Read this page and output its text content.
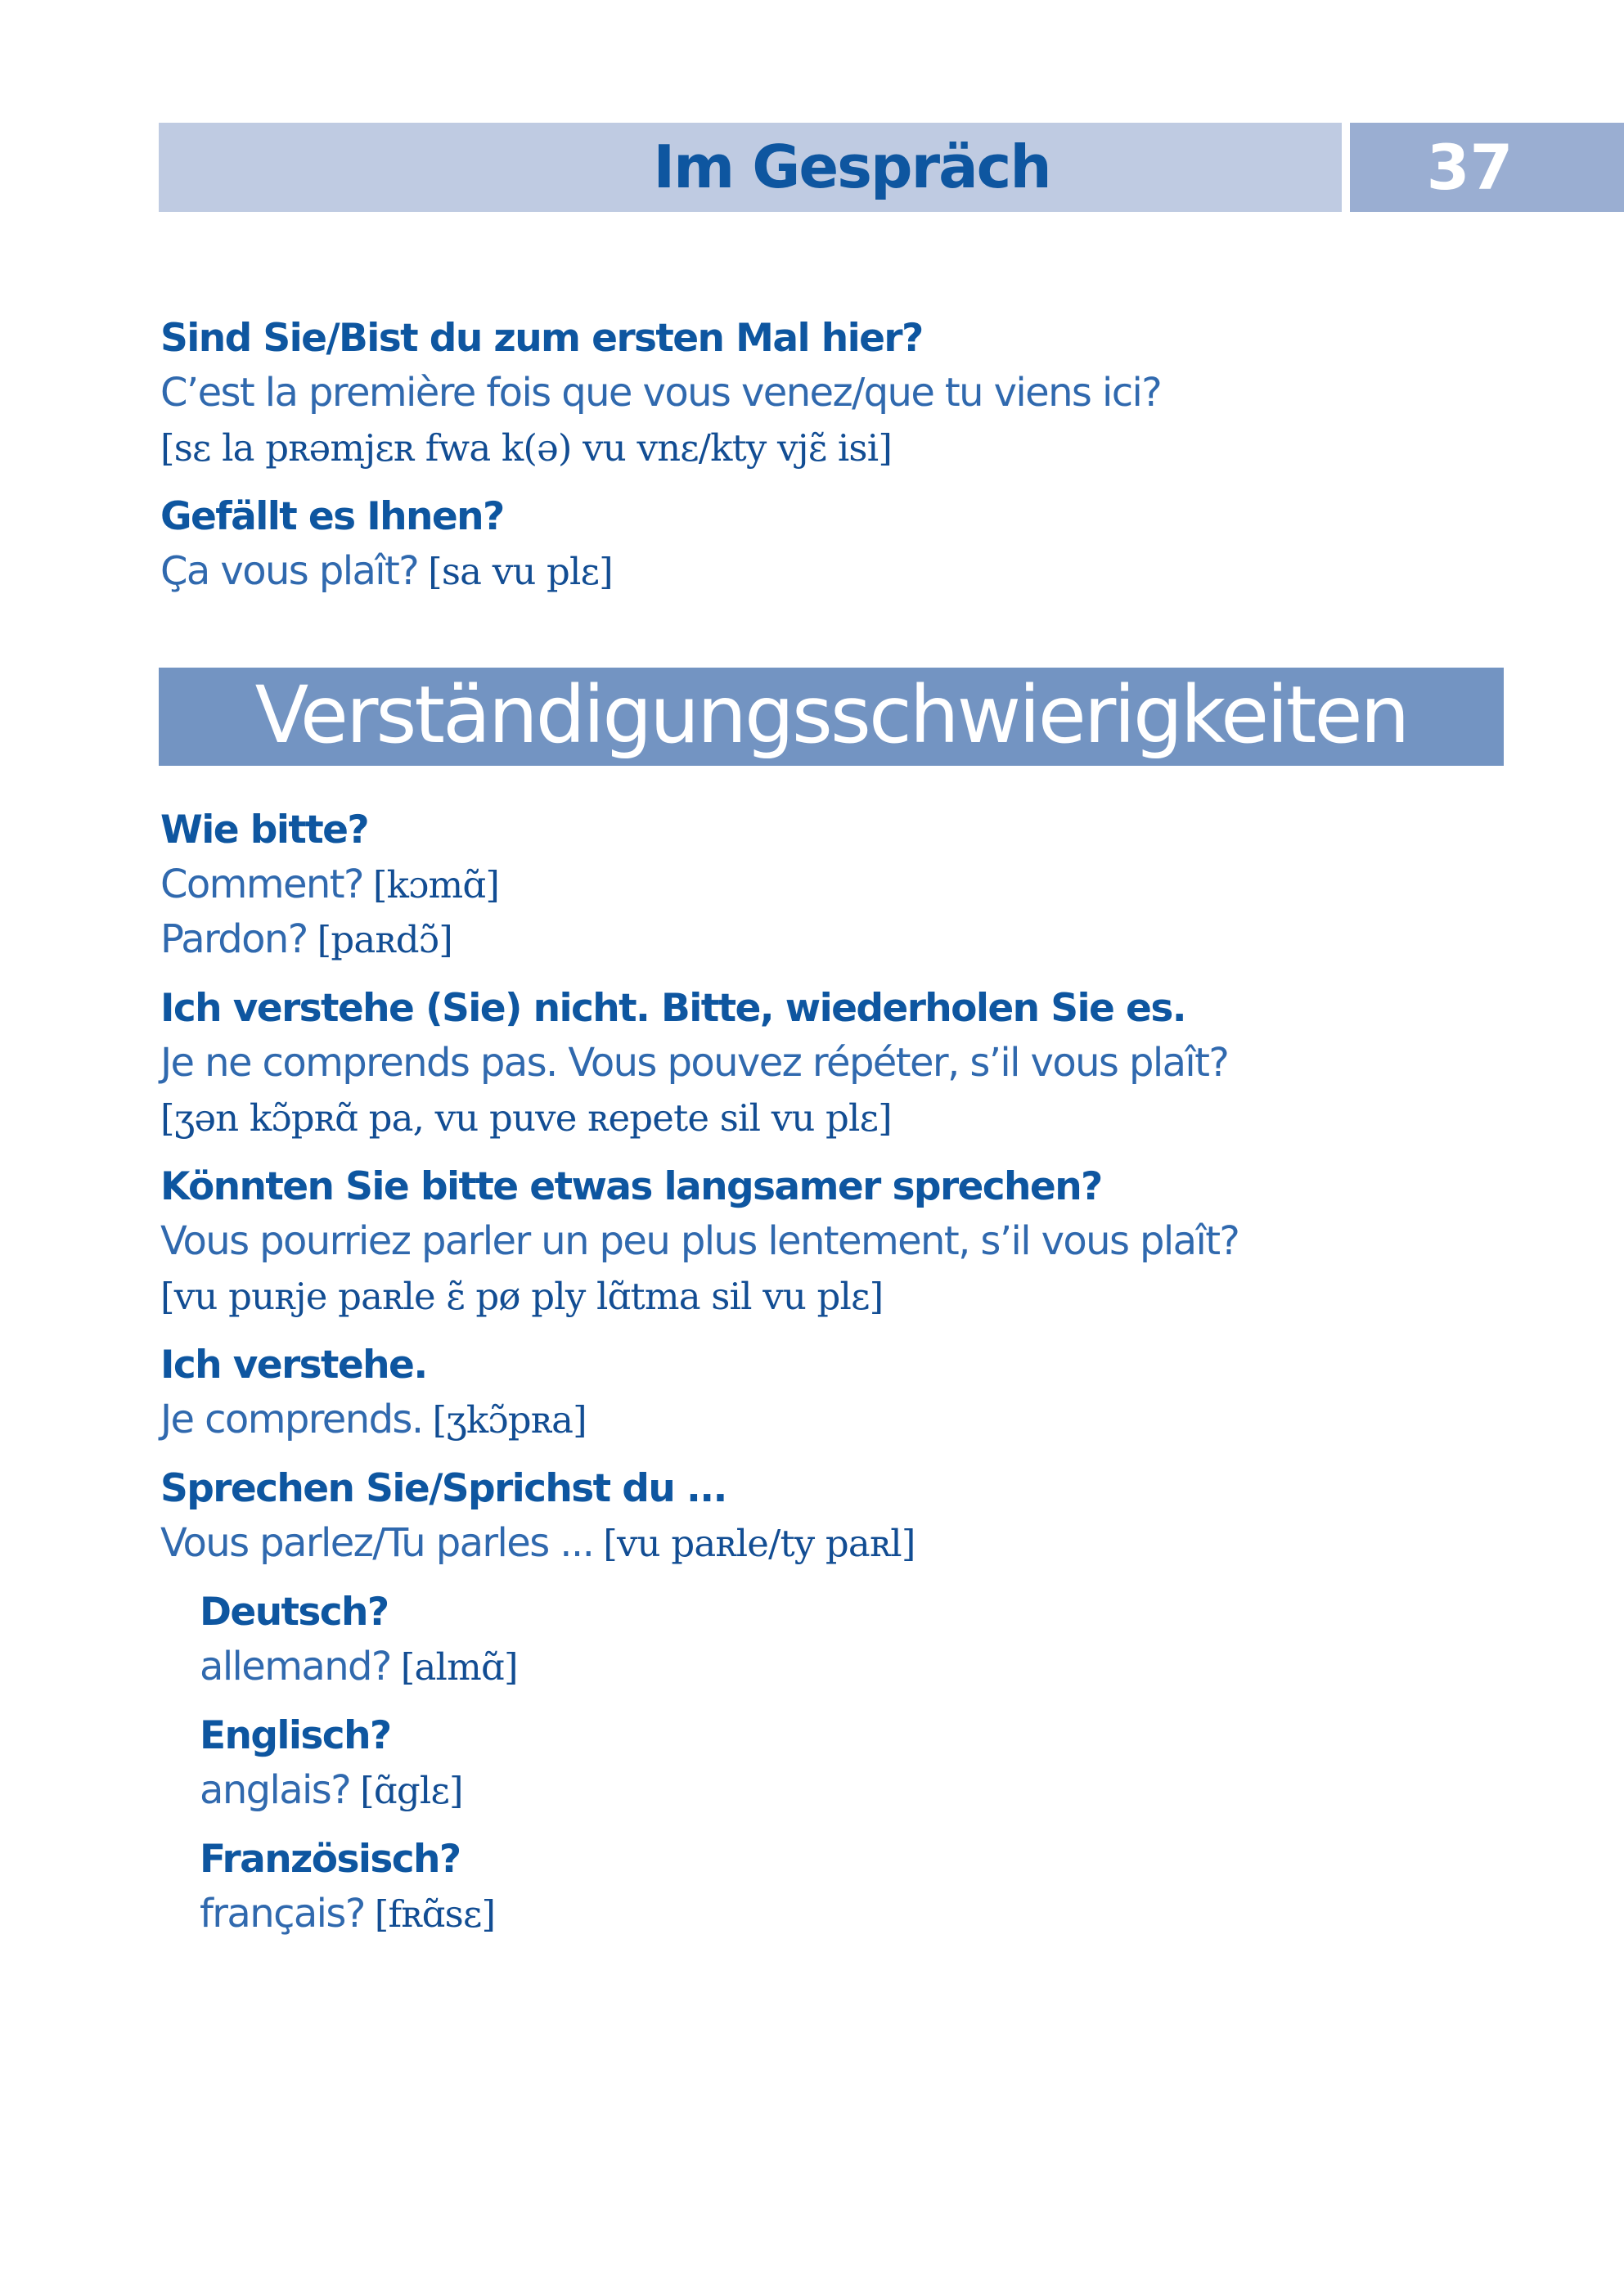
Im Gespräch	37
Sind Sie/Bist du zum ersten Mal hier?
C’est la première fois que vous venez/que tu viens ici?
[sɛ la pʀəmjɛʀ fwa k(ə) vu vnɛ/kty vjɛ̃ isi]
Gefällt es Ihnen?
Ça vous plaît? [sa vu plɛ]
Verständigungsschwierigkeiten
Wie bitte?
Comment? [kɔmɑ̃]
Pardon? [paʀdɔ̃]
Ich verstehe (Sie) nicht. Bitte, wiederholen Sie es.
Je ne comprends pas. Vous pouvez répéter, s’il vous plaît?
[ʒən kɔ̃pʀɑ̃ pa, vu puve ʀepete sil vu plɛ]
Könnten Sie bitte etwas langsamer sprechen?
Vous pourriez parler un peu plus lentement, s’il vous plaît?
[vu puʀje paʀle ɛ̃ pø ply lɑ̃tma sil vu plɛ]
Ich verstehe.
Je comprends. [ʒkɔ̃pʀa]
Sprechen Sie/Sprichst du ...
Vous parlez/Tu parles ... [vu paʀle/ty paʀl]
Deutsch?
allemand? [almɑ̃]
Englisch?
anglais? [ɑ̃glɛ]
Französisch?
français? [fʀɑ̃sɛ]
